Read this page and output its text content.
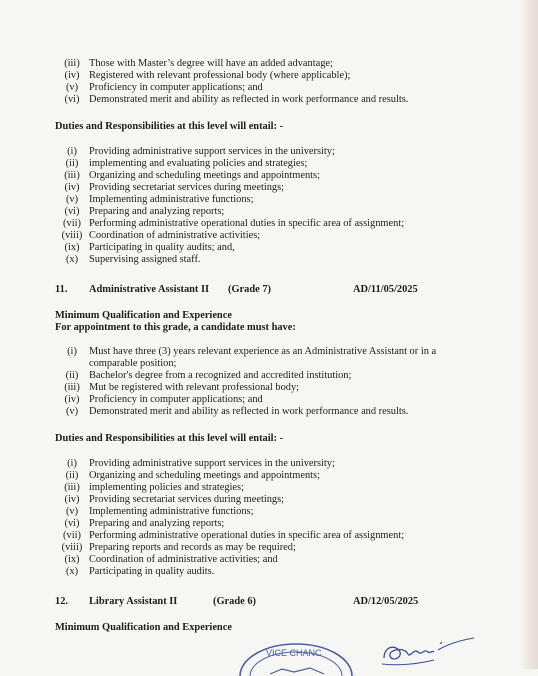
(iii) Those with Master’s degree will have an added advantage;
(iv) Registered with relevant professional body (where applicable);
(v) Proficiency in computer applications; and
(vi) Demonstrated merit and ability as reflected in work performance and results.
Duties and Responsibilities at this level will entail: -
(i) Providing administrative support services in the university;
(ii) implementing and evaluating policies and strategies;
(iii) Organizing and scheduling meetings and appointments;
(iv) Providing secretariat services during meetings;
(v) Implementing administrative functions;
(vi) Preparing and analyzing reports;
(vii) Performing administrative operational duties in specific area of assignment;
(viii) Coordination of administrative activities;
(ix) Participating in quality audits; and,
(x) Supervising assigned staff.
11. Administrative Assistant II (Grade 7)	AD/11/05/2025
Minimum Qualification and Experience
For appointment to this grade, a candidate must have:
(i) Must have three (3) years relevant experience as an Administrative Assistant or in a
comparable position;
(ii) Bachelor's degree from a recognized and accredited institution;
(iii) Mut be registered with relevant professional body;
(iv) Proficiency in computer applications; and
(v) Demonstrated merit and ability as reflected in work performance and results.
Duties and Responsibilities at this level will entail: -
(i) Providing administrative support services in the university;
(ii) Organizing and scheduling meetings and appointments;
(iii)implementing policies and strategies;
(iv) Providing secretariat services during meetings;
(v) Implementing administrative functions;
(vi) Preparing and analyzing reports;
(vii) Performing administrative operational duties in specific area of assignment;
(viii) Preparing reports and records as may be required;
(ix) Coordination of administrative activities; and
(x) Participating in quality audits.
12. Library Assistant II	(Grade 6)	AD/12/05/2025
Minimum Qualification and Experience
VICE CHANC
